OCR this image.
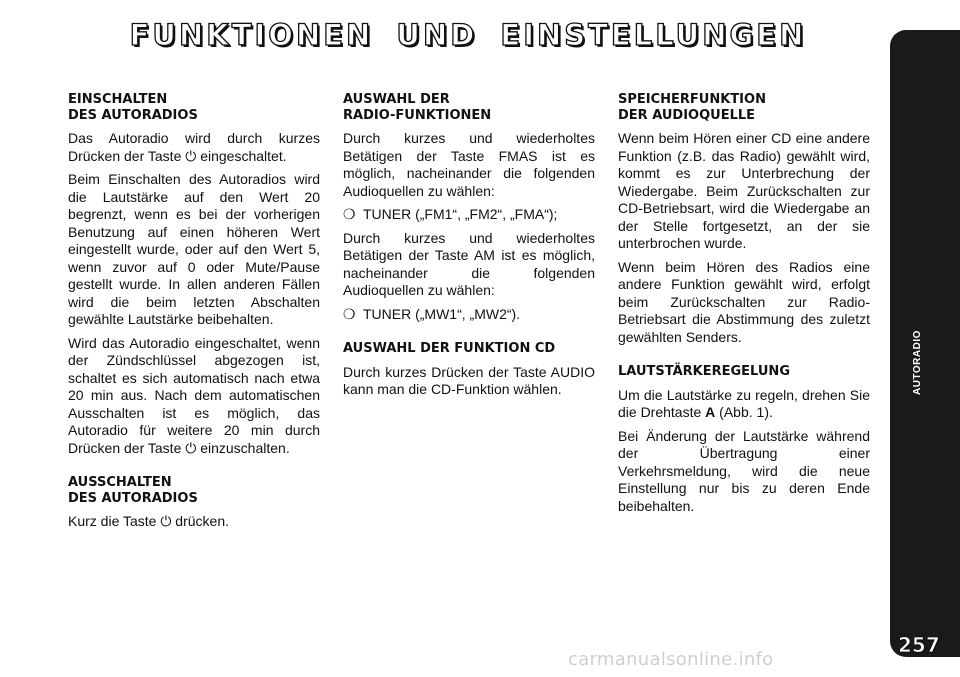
FUNKTIONEN UND EINSTELLUNGEN
EINSCHALTEN
DES AUTORADIOS

Das Autoradio wird durch kurzes Drücken der Taste ⏻ eingeschaltet.

Beim Einschalten des Autoradios wird die Lautstärke auf den Wert 20 begrenzt, wenn es bei der vorherigen Benutzung auf einen höheren Wert eingestellt wurde, oder auf den Wert 5, wenn zuvor auf 0 oder Mute/Pause gestellt wurde. In allen anderen Fällen wird die beim letzten Abschalten gewählte Lautstärke beibehalten.

Wird das Autoradio eingeschaltet, wenn der Zündschlüssel abgezogen ist, schaltet es sich automatisch nach etwa 20 min aus. Nach dem automatischen Ausschalten ist es möglich, das Autoradio für weitere 20 min durch Drücken der Taste ⏻ einzuschalten.

AUSSCHALTEN
DES AUTORADIOS

Kurz die Taste ⏻ drücken.

AUSWAHL DER
RADIO-FUNKTIONEN

Durch kurzes und wiederholtes Betätigen der Taste FMAS ist es möglich, nacheinander die folgenden Audioquellen zu wählen:

❍ TUNER („FM1“, „FM2“, „FMA“);

Durch kurzes und wiederholtes Betätigen der Taste AM ist es möglich, nacheinander die folgenden Audioquellen zu wählen:

❍ TUNER („MW1“, „MW2“).
AUSWAHL DER FUNKTION CD

Durch kurzes Drücken der Taste AUDIO kann man die CD-Funktion wählen.

SPEICHERFUNKTION
DER AUDIOQUELLE

Wenn beim Hören einer CD eine andere Funktion (z.B. das Radio) gewählt wird, kommt es zur Unterbrechung der Wiedergabe. Beim Zurückschalten zur CD-Betriebsart, wird die Wiedergabe an der Stelle fortgesetzt, an der sie unterbrochen wurde.

Wenn beim Hören des Radios eine andere Funktion gewählt wird, erfolgt beim Zurückschalten zur Radio-Betriebsart die Abstimmung des zuletzt gewählten Senders.

LAUTSTÄRKEREGELUNG

Um die Lautstärke zu regeln, drehen Sie die Drehtaste A (Abb. 1).

Bei Änderung der Lautstärke während der Übertragung einer Verkehrsmeldung, wird die neue Einstellung nur bis zu deren Ende beibehalten.

AUTORADIO
257
carmanualsonline.info
